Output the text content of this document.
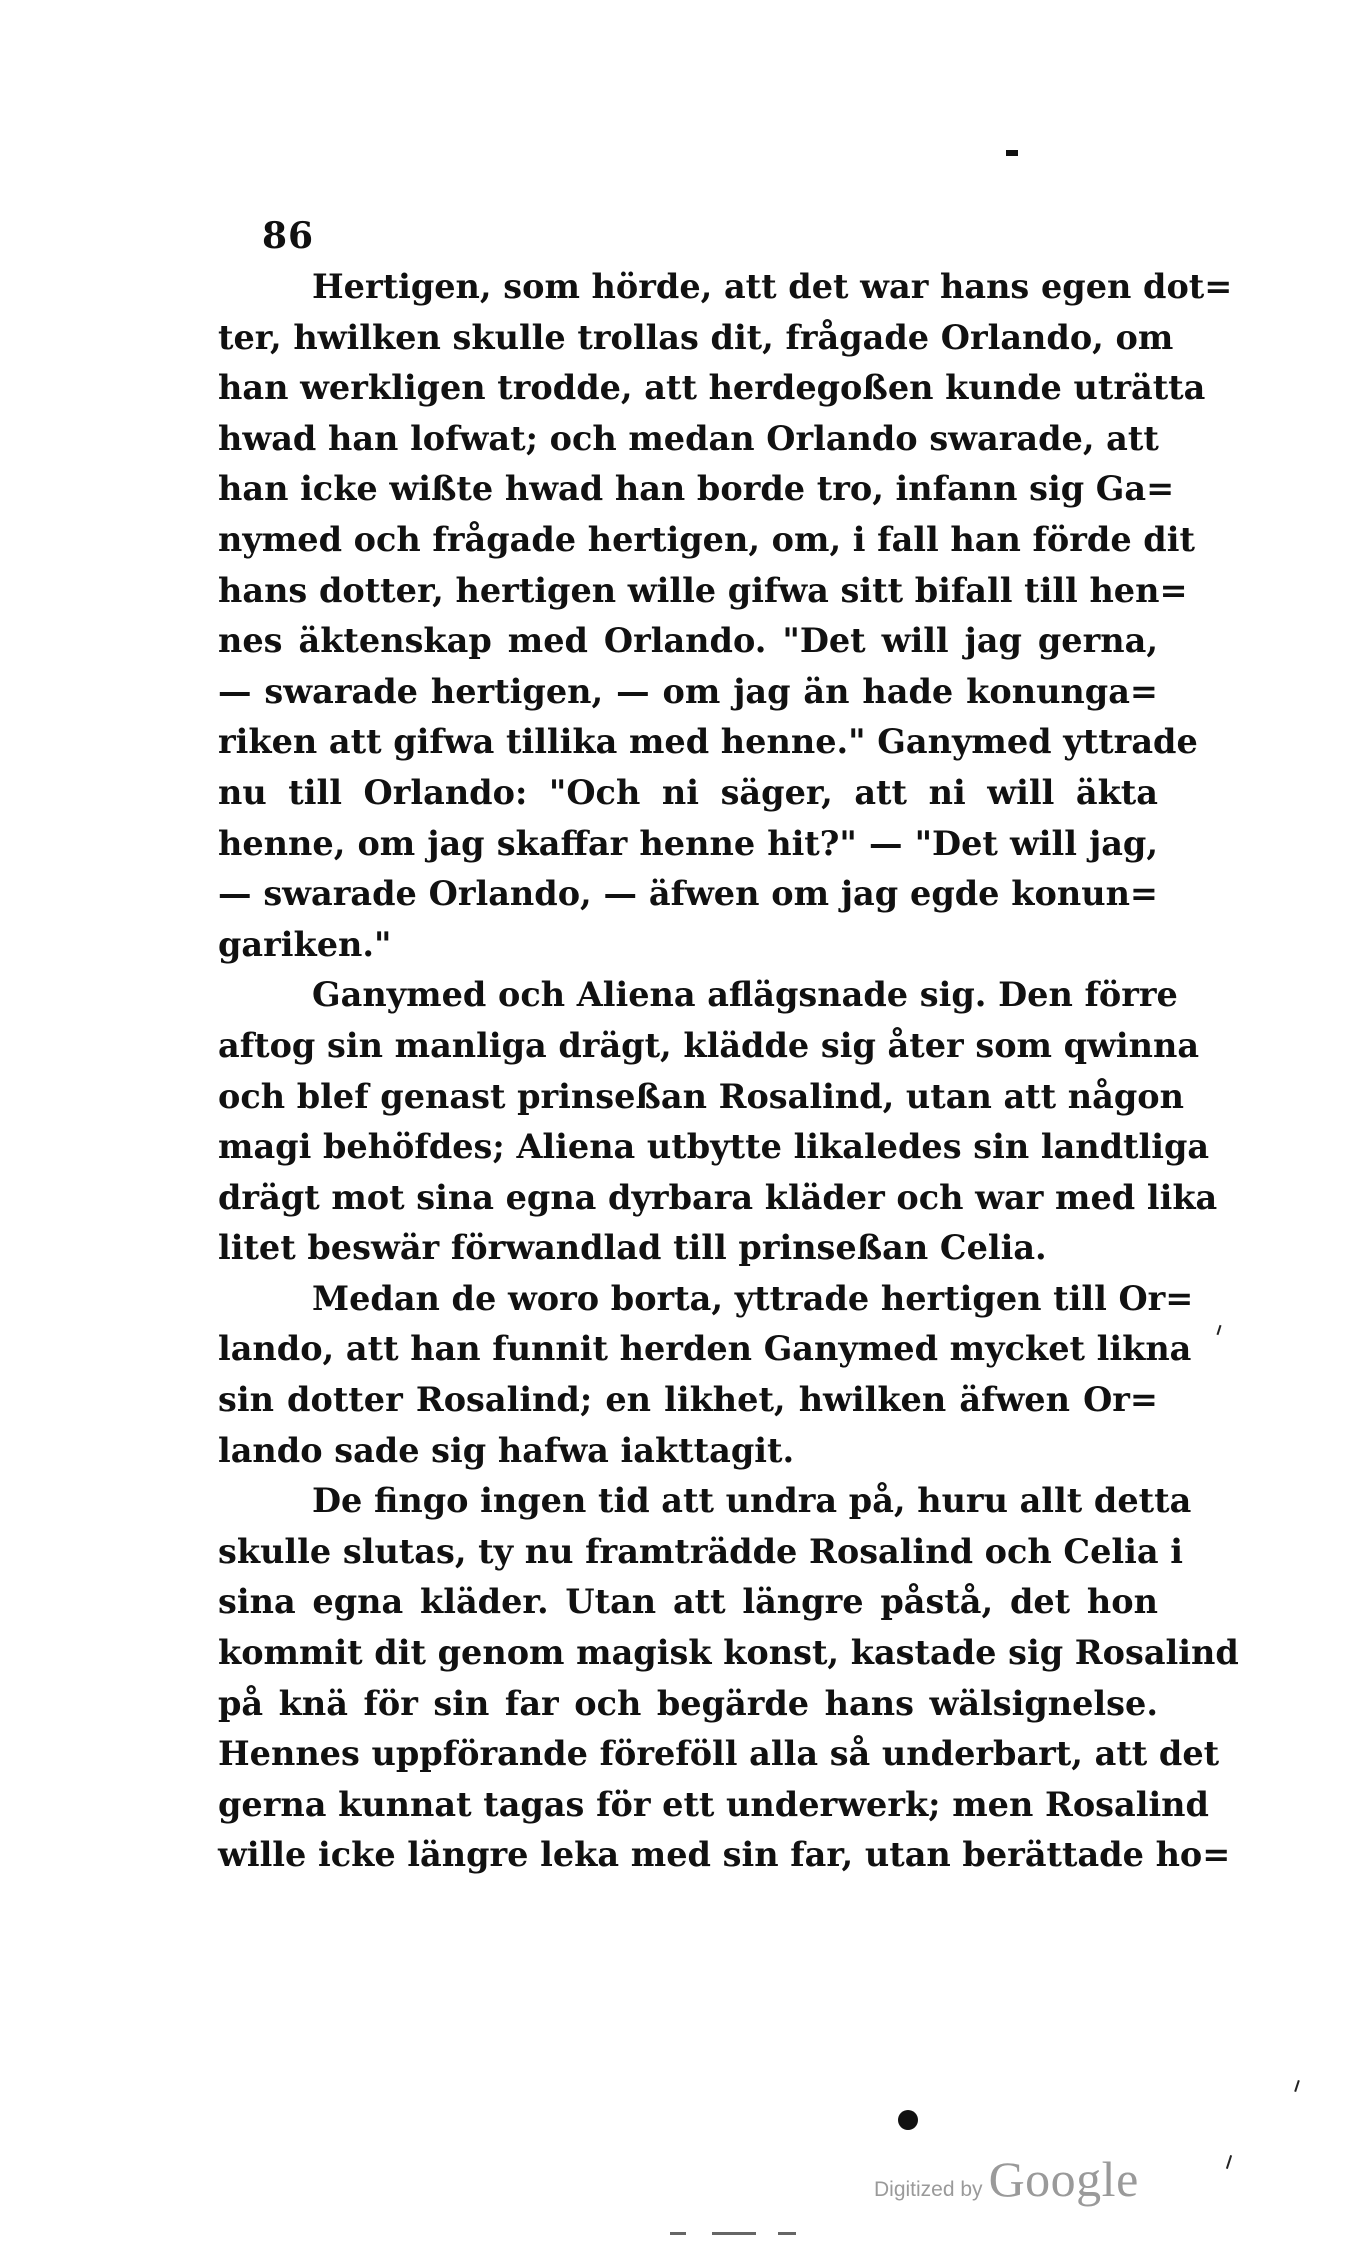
86
Hertigen, som hörde, att det war hans egen dot=
ter, hwilken skulle trollas dit, frågade Orlando, om
han werkligen trodde, att herdegoßen kunde uträtta
hwad han lofwat; och medan Orlando swarade, att
han icke wißte hwad han borde tro, infann sig Ga=
nymed och frågade hertigen, om, i fall han förde dit
hans dotter, hertigen wille gifwa sitt bifall till hen=
nes äktenskap med Orlando. "Det will jag gerna,
— swarade hertigen, — om jag än hade konunga=
riken att gifwa tillika med henne." Ganymed yttrade
nu till Orlando: "Och ni säger, att ni will äkta
henne, om jag skaffar henne hit?" — "Det will jag,
— swarade Orlando, — äfwen om jag egde konun=
gariken."
Ganymed och Aliena aflägsnade sig. Den förre
aftog sin manliga drägt, klädde sig åter som qwinna
och blef genast prinseßan Rosalind, utan att någon
magi behöfdes; Aliena utbytte likaledes sin landtliga
drägt mot sina egna dyrbara kläder och war med lika
litet beswär förwandlad till prinseßan Celia.
Medan de woro borta, yttrade hertigen till Or=
lando, att han funnit herden Ganymed mycket likna
sin dotter Rosalind; en likhet, hwilken äfwen Or=
lando sade sig hafwa iakttagit.
De fingo ingen tid att undra på, huru allt detta
skulle slutas, ty nu framträdde Rosalind och Celia i
sina egna kläder. Utan att längre påstå, det hon
kommit dit genom magisk konst, kastade sig Rosalind
på knä för sin far och begärde hans wälsignelse.
Hennes uppförande föreföll alla så underbart, att det
gerna kunnat tagas för ett underwerk; men Rosalind
wille icke längre leka med sin far, utan berättade ho=
Digitized by Google
